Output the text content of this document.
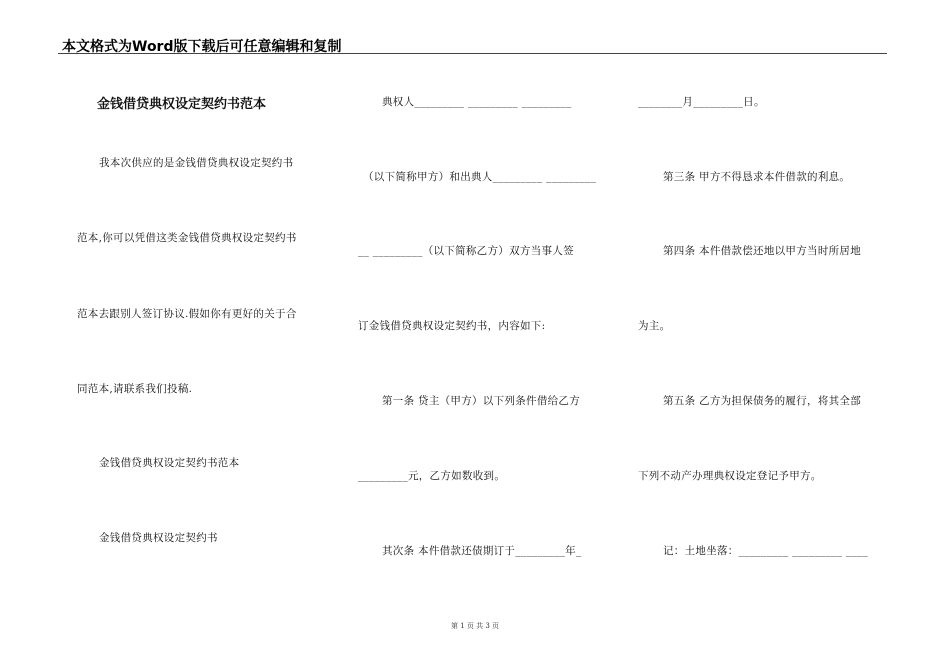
本文格式为Word版下载后可任意编辑和复制
金钱借贷典权设定契约书范本
我本次供应的是金钱借贷典权设定契约书
范本,你可以凭借这类金钱借贷典权设定契约书
范本去跟别人签订协议.假如你有更好的关于合
同范本,请联系我们投稿.
金钱借贷典权设定契约书范本
金钱借贷典权设定契约书
典权人_________ _________ _________
（以下简称甲方）和出典人_________ _________
__ _________（以下简称乙方）双方当事人签
订金钱借贷典权设定契约书，内容如下:
第一条 贷主（甲方）以下列条件借给乙方
_________元，乙方如数收到。
其次条 本件借款还债期订于_________年_
________月_________日。
第三条 甲方不得恳求本件借款的利息。
第四条 本件借款偿还地以甲方当时所居地
为主。
第五条 乙方为担保债务的履行，将其全部
下列不动产办理典权设定登记予甲方。
记：土地坐落：_________ _________ ____
第 1 页 共 3 页
